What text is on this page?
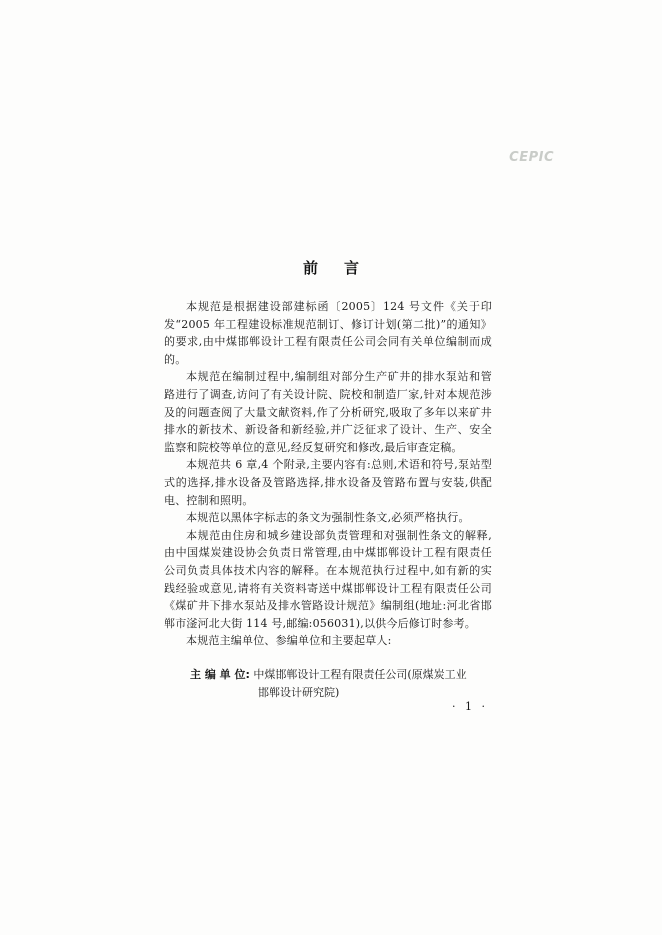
CEPIC
前言

本规范是根据建设部建标函〔2005〕124 号文件《关于印发“2005 年工程建设标准规范制订、修订计划(第二批)”的通知》的要求,由中煤邯郸设计工程有限责任公司会同有关单位编制而成的。

本规范在编制过程中,编制组对部分生产矿井的排水泵站和管路进行了调查,访问了有关设计院、院校和制造厂家,针对本规范涉及的问题查阅了大量文献资料,作了分析研究,吸取了多年以来矿井排水的新技术、新设备和新经验,并广泛征求了设计、生产、安全监察和院校等单位的意见,经反复研究和修改,最后审查定稿。

本规范共 6 章,4 个附录,主要内容有:总则,术语和符号,泵站型式的选择,排水设备及管路选择,排水设备及管路布置与安装,供配电、控制和照明。

本规范以黑体字标志的条文为强制性条文,必须严格执行。

本规范由住房和城乡建设部负责管理和对强制性条文的解释,由中国煤炭建设协会负责日常管理,由中煤邯郸设计工程有限责任公司负责具体技术内容的解释。在本规范执行过程中,如有新的实践经验或意见,请将有关资料寄送中煤邯郸设计工程有限责任公司《煤矿井下排水泵站及排水管路设计规范》编制组(地址:河北省邯郸市滏河北大街 114 号,邮编:056031),以供今后修订时参考。

本规范主编单位、参编单位和主要起草人:

主 编 单 位: 中煤邯郸设计工程有限责任公司(原煤炭工业
邯郸设计研究院)
· 1 ·
